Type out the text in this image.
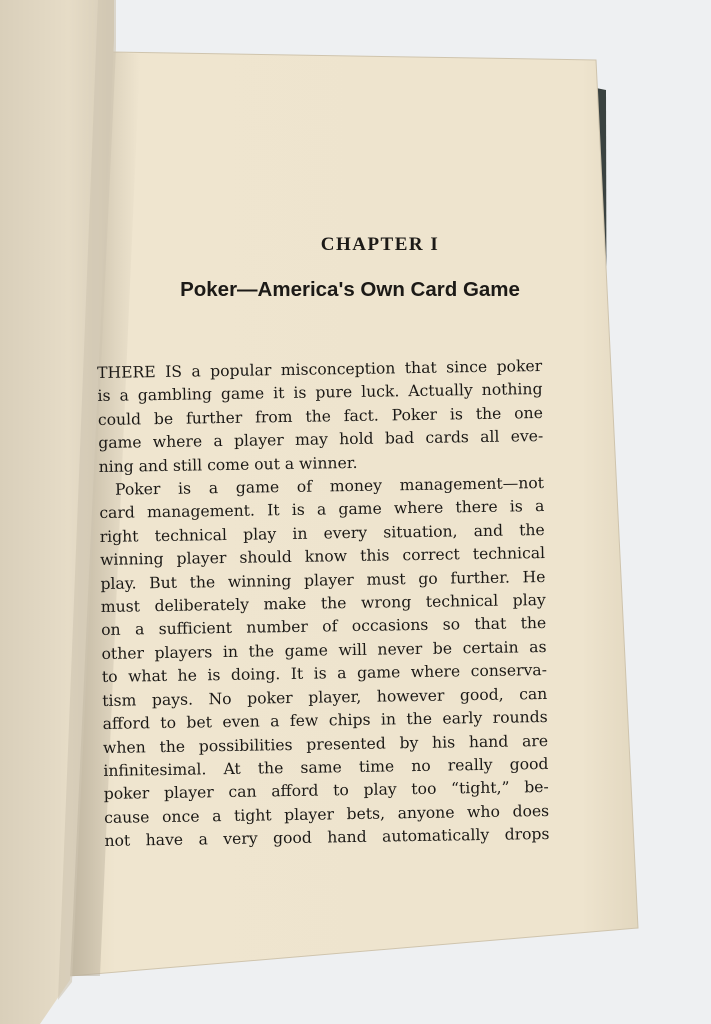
CHAPTER I
Poker—America's Own Card Game
THERE IS a popular misconception that since poker
is a gambling game it is pure luck. Actually nothing
could be further from the fact. Poker is the one
game where a player may hold bad cards all eve-
ning and still come out a winner.
Poker is a game of money management—not
card management. It is a game where there is a
right technical play in every situation, and the
winning player should know this correct technical
play. But the winning player must go further. He
must deliberately make the wrong technical play
on a sufficient number of occasions so that the
other players in the game will never be certain as
to what he is doing. It is a game where conserva-
tism pays. No poker player, however good, can
afford to bet even a few chips in the early rounds
when the possibilities presented by his hand are
infinitesimal. At the same time no really good
poker player can afford to play too “tight,” be-
cause once a tight player bets, anyone who does
not have a very good hand automatically drops
